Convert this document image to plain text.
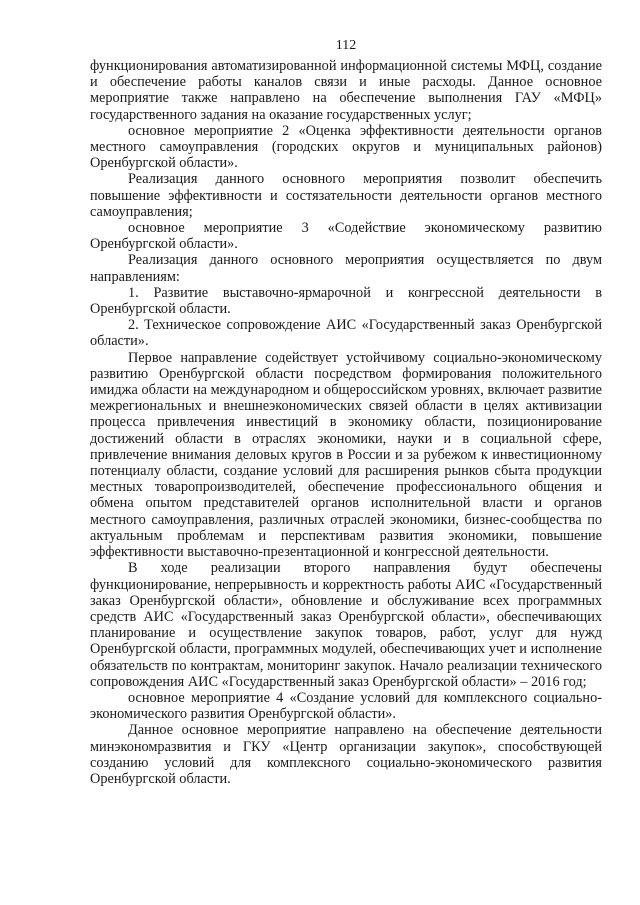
112

функционирования автоматизированной информационной системы МФЦ, создание и обеспечение работы каналов связи и иные расходы. Данное основное мероприятие также направлено на обеспечение выполнения ГАУ «МФЦ» государственного задания на оказание государственных услуг;

основное мероприятие 2 «Оценка эффективности деятельности органов местного самоуправления (городских округов и муниципальных районов) Оренбургской области».

Реализация данного основного мероприятия позволит обеспечить повышение эффективности и состязательности деятельности органов местного самоуправления;

основное мероприятие 3 «Содействие экономическому развитию Оренбургской области».

Реализация данного основного мероприятия осуществляется по двум направлениям:

1. Развитие выставочно-ярмарочной и конгрессной деятельности в Оренбургской области.

2. Техническое сопровождение АИС «Государственный заказ Оренбургской области».

Первое направление содействует устойчивому социально-экономическому развитию Оренбургской области посредством формирования положительного имиджа области на международном и общероссийском уровнях, включает развитие межрегиональных и внешнеэкономических связей области в целях активизации процесса привлечения инвестиций в экономику области, позиционирование достижений области в отраслях экономики, науки и в социальной сфере, привлечение внимания деловых кругов в России и за рубежом к инвестиционному потенциалу области, создание условий для расширения рынков сбыта продукции местных товаропроизводителей, обеспечение профессионального общения и обмена опытом представителей органов исполнительной власти и органов местного самоуправления, различных отраслей экономики, бизнес-сообщества по актуальным проблемам и перспективам развития экономики, повышение эффективности выставочно-презентационной и конгрессной деятельности.

В ходе реализации второго направления будут обеспечены функционирование, непрерывность и корректность работы АИС «Государственный заказ Оренбургской области», обновление и обслуживание всех программных средств АИС «Государственный заказ Оренбургской области», обеспечивающих планирование и осуществление закупок товаров, работ, услуг для нужд Оренбургской области, программных модулей, обеспечивающих учет и исполнение обязательств по контрактам, мониторинг закупок. Начало реализации технического сопровождения АИС «Государственный заказ Оренбургской области» – 2016 год;

основное мероприятие 4 «Создание условий для комплексного социально-экономического развития Оренбургской области».

Данное основное мероприятие направлено на обеспечение деятельности минэкономразвития и ГКУ «Центр организации закупок», способствующей созданию условий для комплексного социально-экономического развития Оренбургской области.
